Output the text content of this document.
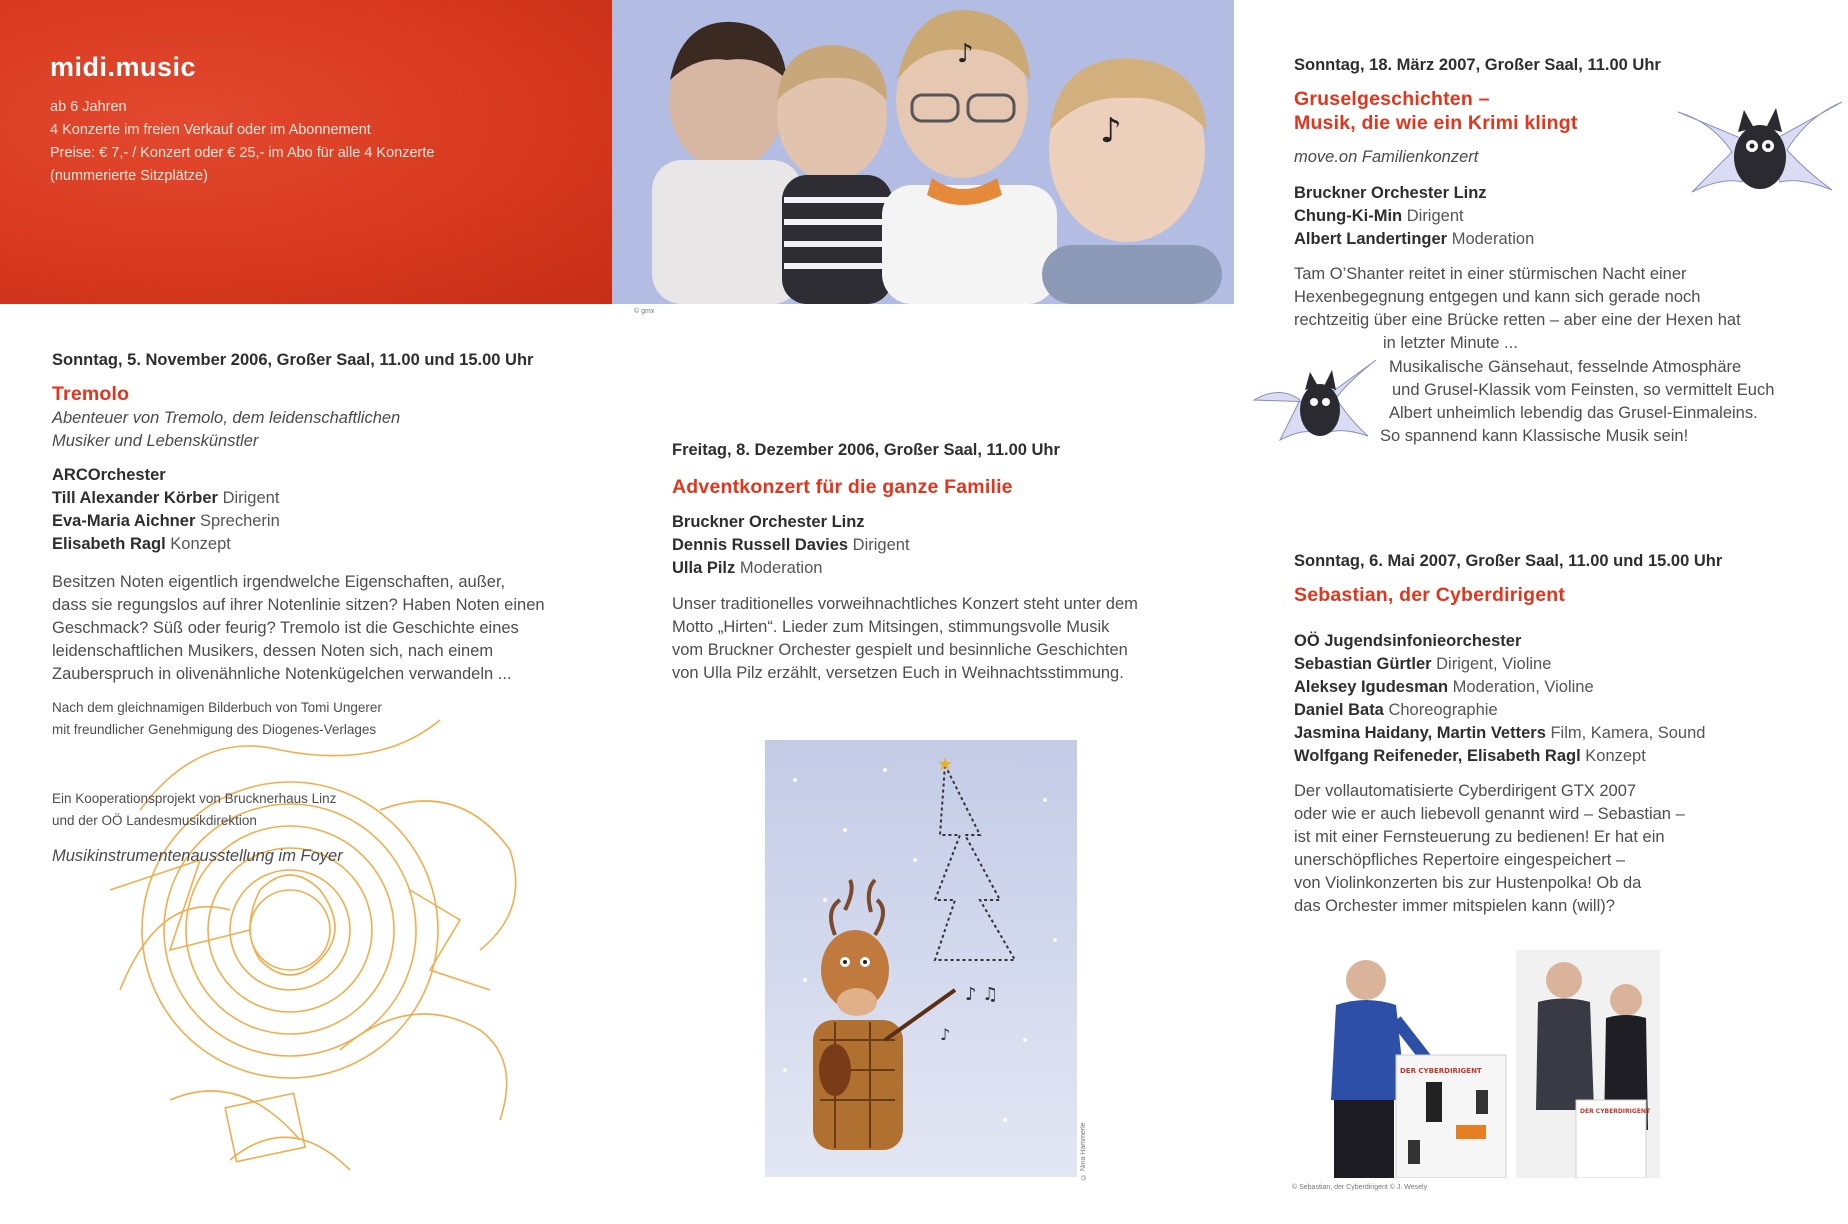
midi.music
ab 6 Jahren
4 Konzerte im freien Verkauf oder im Abonnement
Preise: € 7,- / Konzert oder € 25,- im Abo für alle 4 Konzerte
(nummerierte Sitzplätze)
♪
♪
© gmx
Sonntag, 5. November 2006, Großer Saal, 11.00 und 15.00 Uhr
Tremolo
Abenteuer von Tremolo, dem leidenschaftlichen
Musiker und Lebenskünstler
ARCOrchester
Till Alexander Körber Dirigent
Eva-Maria Aichner Sprecherin
Elisabeth Ragl Konzept
Besitzen Noten eigentlich irgendwelche Eigenschaften, außer,
dass sie regungslos auf ihrer Notenlinie sitzen? Haben Noten einen
Geschmack? Süß oder feurig? Tremolo ist die Geschichte eines
leidenschaftlichen Musikers, dessen Noten sich, nach einem
Zauberspruch in olivenähnliche Notenkügelchen verwandeln ...
Nach dem gleichnamigen Bilderbuch von Tomi Ungerer
mit freundlicher Genehmigung des Diogenes-Verlages
Ein Kooperationsprojekt von Brucknerhaus Linz
und der OÖ Landesmusikdirektion
Musikinstrumentenausstellung im Foyer
Freitag, 8. Dezember 2006, Großer Saal, 11.00 Uhr
Adventkonzert für die ganze Familie
Bruckner Orchester Linz
Dennis Russell Davies Dirigent
Ulla Pilz Moderation
Unser traditionelles vorweihnachtliches Konzert steht unter dem
Motto „Hirten“. Lieder zum Mitsingen, stimmungsvolle Musik
vom Bruckner Orchester gespielt und besinnliche Geschichten
von Ulla Pilz erzählt, versetzen Euch in Weihnachtsstimmung.
★
♪ ♫
♪
© Nina Hammerle
Sonntag, 18. März 2007, Großer Saal, 11.00 Uhr
Gruselgeschichten –
Musik, die wie ein Krimi klingt
move.on Familienkonzert
Bruckner Orchester Linz
Chung-Ki-Min Dirigent
Albert Landertinger Moderation
Tam O’Shanter reitet in einer stürmischen Nacht einer
Hexenbegegnung entgegen und kann sich gerade noch
rechtzeitig über eine Brücke retten – aber eine der Hexen hat
in letzter Minute ...
Musikalische Gänsehaut, fesselnde Atmosphäre
und Grusel-Klassik vom Feinsten, so vermittelt Euch
Albert unheimlich lebendig das Grusel-Einmaleins.
So spannend kann Klassische Musik sein!
Sonntag, 6. Mai 2007, Großer Saal, 11.00 und 15.00 Uhr
Sebastian, der Cyberdirigent
OÖ Jugendsinfonieorchester
Sebastian Gürtler Dirigent, Violine
Aleksey Igudesman Moderation, Violine
Daniel Bata Choreographie
Jasmina Haidany, Martin Vetters Film, Kamera, Sound
Wolfgang Reifeneder, Elisabeth Ragl Konzept
Der vollautomatisierte Cyberdirigent GTX 2007
oder wie er auch liebevoll genannt wird – Sebastian –
ist mit einer Fernsteuerung zu bedienen! Er hat ein
unerschöpfliches Repertoire eingespeichert –
von Violinkonzerten bis zur Hustenpolka! Ob da
das Orchester immer mitspielen kann (will)?
DER CYBERDIRIGENT
DER CYBERDIRIGENT
© Sebastian, der Cyberdirigent © J. Wesely
